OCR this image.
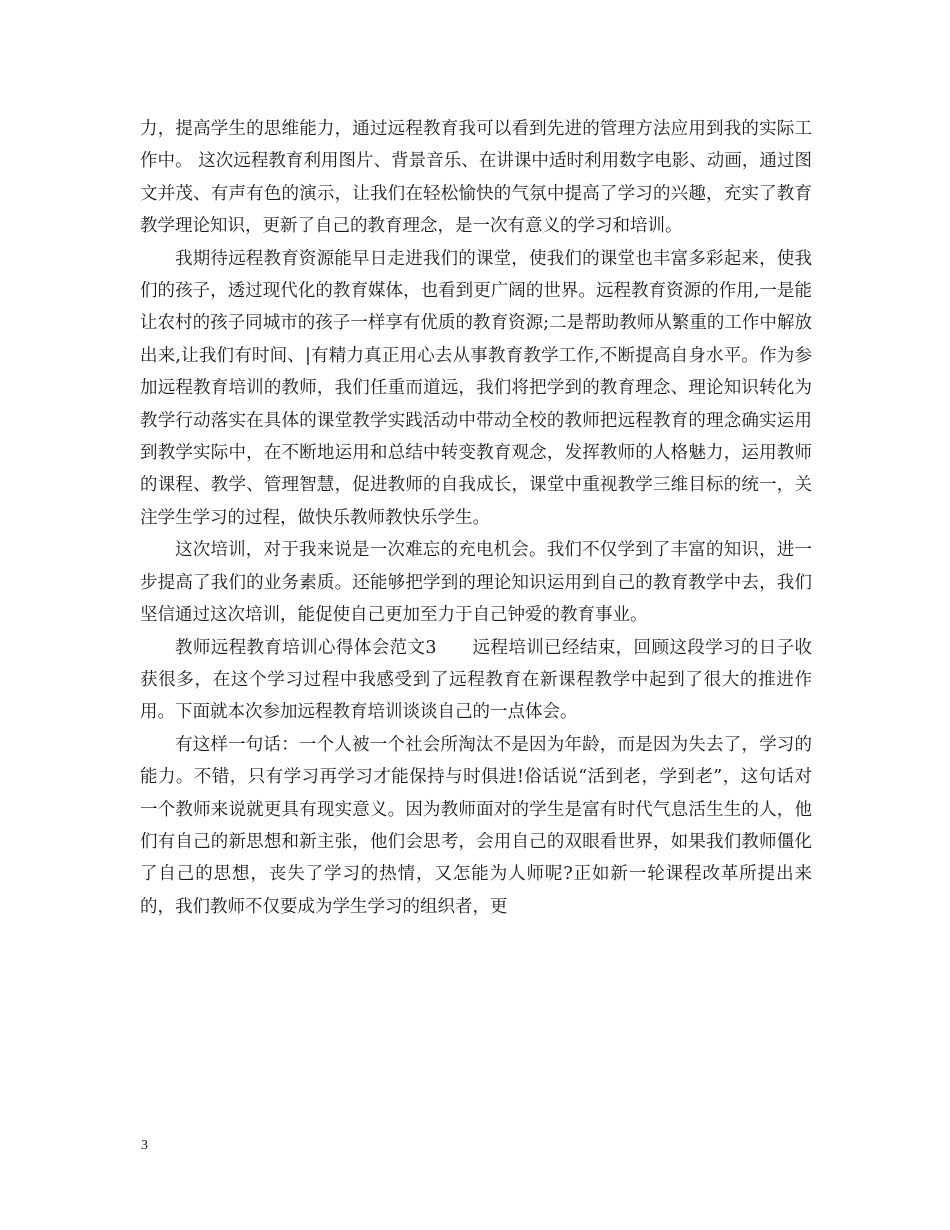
力，提高学生的思维能力，通过远程教育我可以看到先进的管理方法应用到我的实际工作中。 这次远程教育利用图片、背景音乐、在讲课中适时利用数字电影、动画，通过图文并茂、有声有色的演示，让我们在轻松愉快的气氛中提高了学习的兴趣，充实了教育教学理论知识，更新了自己的教育理念，是一次有意义的学习和培训。

我期待远程教育资源能早日走进我们的课堂，使我们的课堂也丰富多彩起来，使我们的孩子，透过现代化的教育媒体，也看到更广阔的世界。远程教育资源的作用,一是能让农村的孩子同城市的孩子一样享有优质的教育资源;二是帮助教师从繁重的工作中解放出来,让我们有时间、|有精力真正用心去从事教育教学工作,不断提高自身水平。作为参加远程教育培训的教师，我们任重而道远，我们将把学到的教育理念、理论知识转化为教学行动落实在具体的课堂教学实践活动中带动全校的教师把远程教育的理念确实运用到教学实际中，在不断地运用和总结中转变教育观念，发挥教师的人格魅力，运用教师的课程、教学、管理智慧，促进教师的自我成长，课堂中重视教学三维目标的统一，关注学生学习的过程，做快乐教师教快乐学生。

这次培训，对于我来说是一次难忘的充电机会。我们不仅学到了丰富的知识，进一步提高了我们的业务素质。还能够把学到的理论知识运用到自己的教育教学中去，我们坚信通过这次培训，能促使自己更加至力于自己钟爱的教育事业。

教师远程教育培训心得体会范文3　　远程培训已经结束，回顾这段学习的日子收获很多，在这个学习过程中我感受到了远程教育在新课程教学中起到了很大的推进作用。下面就本次参加远程教育培训谈谈自己的一点体会。

有这样一句话：一个人被一个社会所淘汰不是因为年龄，而是因为失去了，学习的能力。不错，只有学习再学习才能保持与时俱进!俗话说“活到老，学到老”，这句话对一个教师来说就更具有现实意义。因为教师面对的学生是富有时代气息活生生的人，他们有自己的新思想和新主张，他们会思考，会用自己的双眼看世界，如果我们教师僵化了自己的思想，丧失了学习的热情，又怎能为人师呢?正如新一轮课程改革所提出来的，我们教师不仅要成为学生学习的组织者，更

3
